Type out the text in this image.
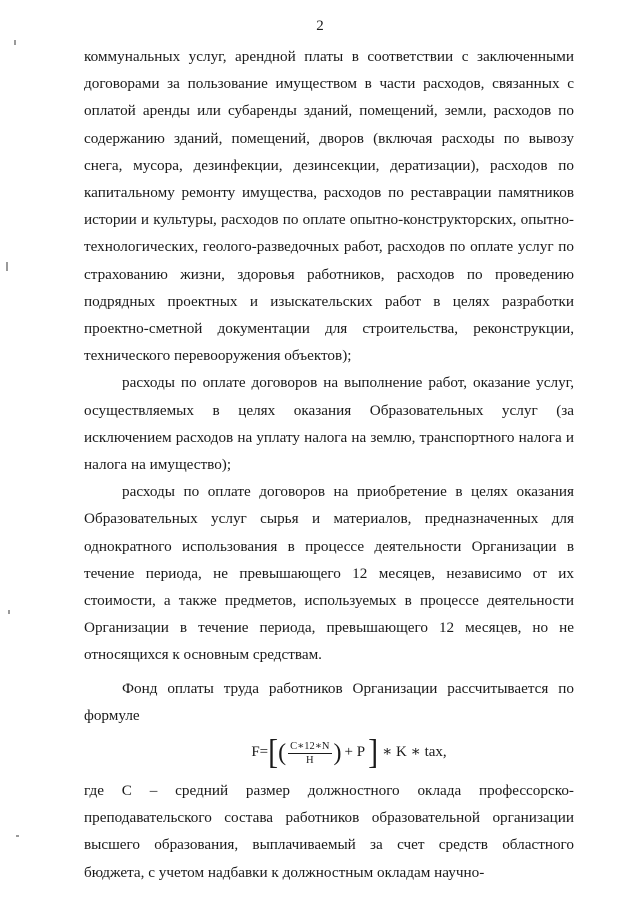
2

коммунальных услуг, арендной платы в соответствии с заключенными договорами за пользование имуществом в части расходов, связанных с оплатой аренды или субаренды зданий, помещений, земли, расходов по содержанию зданий, помещений, дворов (включая расходы по вывозу снега, мусора, дезинфекции, дезинсекции, дератизации), расходов по капитальному ремонту имущества, расходов по реставрации памятников истории и культуры, расходов по оплате опытно-конструкторских, опытно-технологических, геолого-разведочных работ, расходов по оплате услуг по страхованию жизни, здоровья работников, расходов по проведению подрядных проектных и изыскательских работ в целях разработки проектно-сметной документации для строительства, реконструкции, технического перевооружения объектов);

расходы по оплате договоров на выполнение работ, оказание услуг, осуществляемых в целях оказания Образовательных услуг (за исключением расходов на уплату налога на землю, транспортного налога и налога на имущество);

расходы по оплате договоров на приобретение в целях оказания Образовательных услуг сырья и материалов, предназначенных для однократного использования в процессе деятельности Организации в течение периода, не превышающего 12 месяцев, независимо от их стоимости, а также предметов, используемых в процессе деятельности Организации в течение периода, превышающего 12 месяцев, но не относящихся к основным средствам.

Фонд оплаты труда работников Организации рассчитывается по формуле

F= [ ( $\frac{C∗12∗N}{H}$ ) + P ] ∗ K ∗ tax,

где С – средний размер должностного оклада профессорско-преподавательского состава работников образовательной организации высшего образования, выплачиваемый за счет средств областного бюджета, с учетом надбавки к должностным окладам научно-
